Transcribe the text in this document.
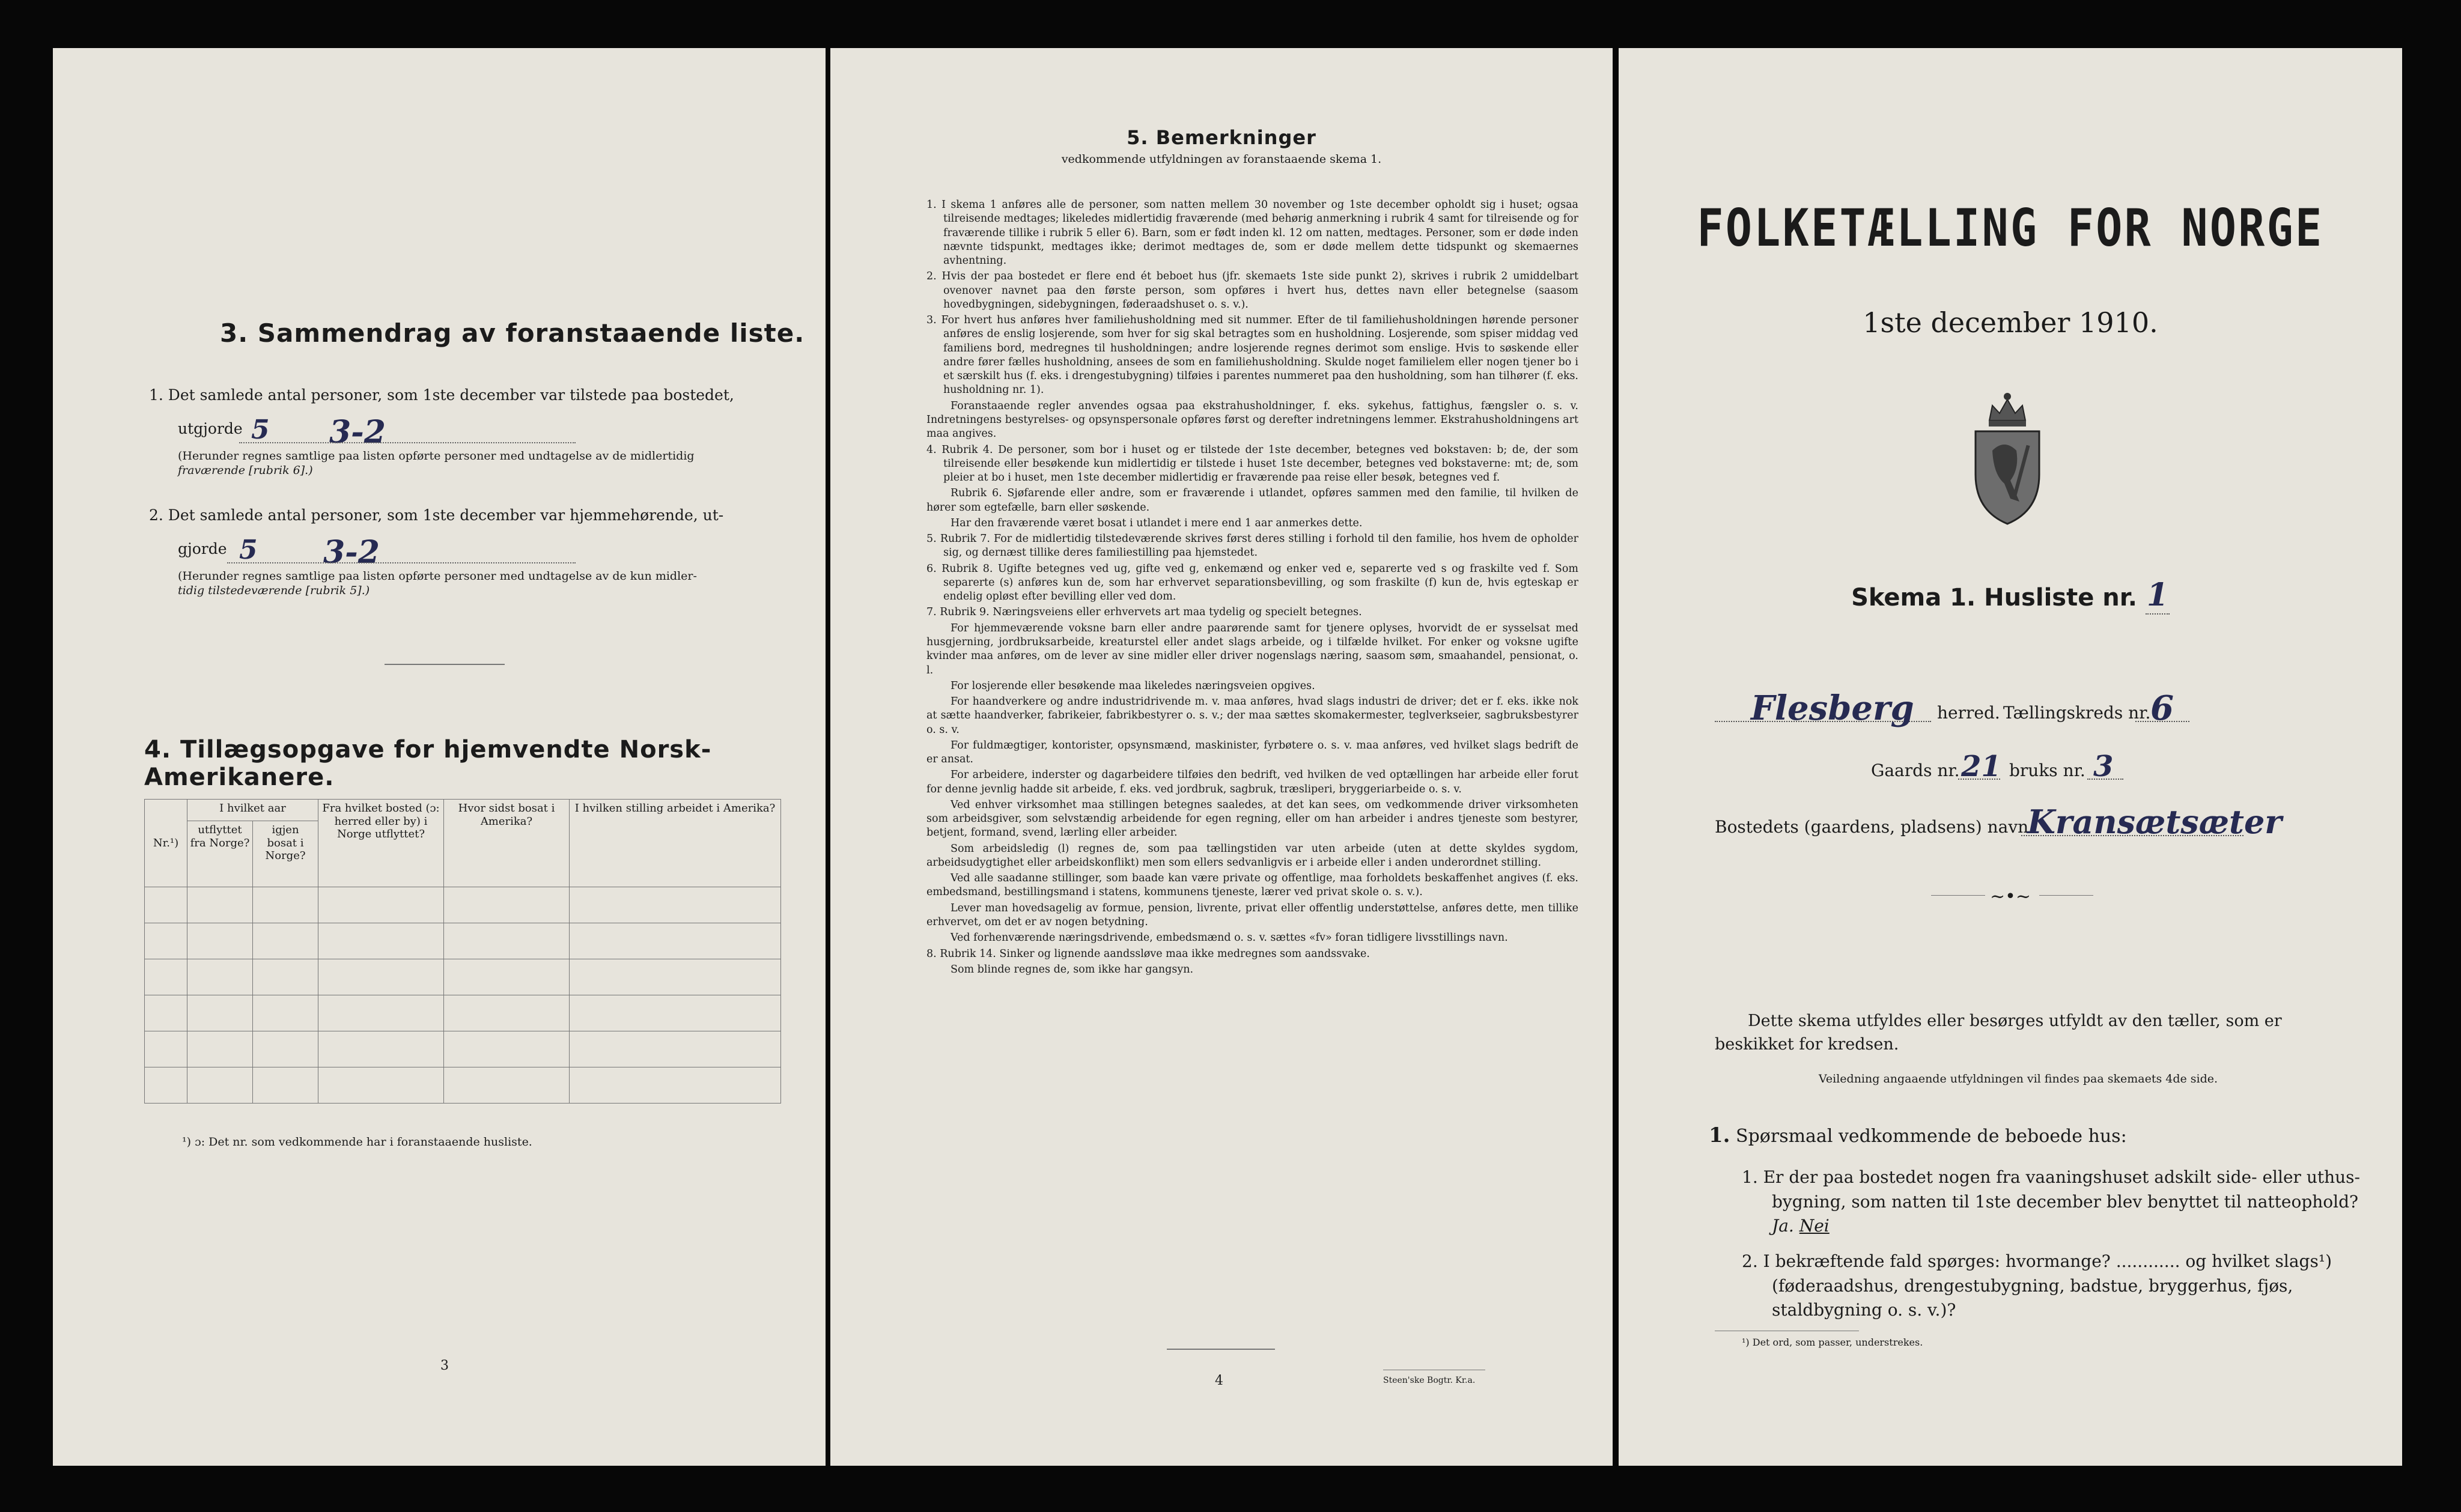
3. Sammendrag av foranstaaende liste.
1. Det samlede antal personer, som 1ste december var tilstede paa bostedet,
utgjorde 5 3-2
(Herunder regnes samtlige paa listen opførte personer med undtagelse av de midlertidig
fraværende [rubrik 6].)
2. Det samlede antal personer, som 1ste december var hjemmehørende, ut-
gjorde 5 3-2
(Herunder regnes samtlige paa listen opførte personer med undtagelse av de kun midler-
tidig tilstedeværende [rubrik 5].)
4. Tillægsopgave for hjemvendte Norsk-Amerikanere.
Nr.¹)	I hvilket aar		Fra hvilket bosted (ɔ: herred eller by) i Norge utflyttet?	Hvor sidst bosat i Amerika?	I hvilken stilling arbeidet i Amerika?
	utflyttet fra Norge?	igjen bosat i Norge?			

¹) ɔ: Det nr. som vedkommende har i foranstaaende husliste.
3
5. Bemerkninger
vedkommende utfyldningen av foranstaaende skema 1.

1. I skema 1 anføres alle de personer, som natten mellem 30 november og 1ste december opholdt sig i huset; ogsaa tilreisende medtages; likeledes midlertidig fraværende (med behørig anmerkning i rubrik 4 samt for tilreisende og for fraværende tillike i rubrik 5 eller 6). Barn, som er født inden kl. 12 om natten, medtages. Personer, som er døde inden nævnte tidspunkt, medtages ikke; derimot medtages de, som er døde mellem dette tidspunkt og skemaernes avhentning.

2. Hvis der paa bostedet er flere end ét beboet hus (jfr. skemaets 1ste side punkt 2), skrives i rubrik 2 umiddelbart ovenover navnet paa den første person, som opføres i hvert hus, dettes navn eller betegnelse (saasom hovedbygningen, sidebygningen, føderaadshuset o. s. v.).

3. For hvert hus anføres hver familiehusholdning med sit nummer. Efter de til familiehusholdningen hørende personer anføres de enslig losjerende, som hver for sig skal betragtes som en husholdning. Losjerende, som spiser middag ved familiens bord, medregnes til husholdningen; andre losjerende regnes derimot som enslige. Hvis to søskende eller andre fører fælles husholdning, ansees de som en familiehusholdning. Skulde noget familielem eller nogen tjener bo i et særskilt hus (f. eks. i drengestubygning) tilføies i parentes nummeret paa den husholdning, som han tilhører (f. eks. husholdning nr. 1).

Foranstaaende regler anvendes ogsaa paa ekstrahusholdninger, f. eks. sykehus, fattighus, fængsler o. s. v. Indretningens bestyrelses- og opsynspersonale opføres først og derefter indretningens lemmer. Ekstrahusholdningens art maa angives.

4. Rubrik 4. De personer, som bor i huset og er tilstede der 1ste december, betegnes ved bokstaven: b; de, der som tilreisende eller besøkende kun midlertidig er tilstede i huset 1ste december, betegnes ved bokstaverne: mt; de, som pleier at bo i huset, men 1ste december midlertidig er fraværende paa reise eller besøk, betegnes ved f.

Rubrik 6. Sjøfarende eller andre, som er fraværende i utlandet, opføres sammen med den familie, til hvilken de hører som egtefælle, barn eller søskende.

Har den fraværende været bosat i utlandet i mere end 1 aar anmerkes dette.

5. Rubrik 7. For de midlertidig tilstedeværende skrives først deres stilling i forhold til den familie, hos hvem de opholder sig, og dernæst tillike deres familiestilling paa hjemstedet.

6. Rubrik 8. Ugifte betegnes ved ug, gifte ved g, enkemænd og enker ved e, separerte ved s og fraskilte ved f. Som separerte (s) anføres kun de, som har erhvervet separationsbevilling, og som fraskilte (f) kun de, hvis egteskap er endelig opløst efter bevilling eller ved dom.

7. Rubrik 9. Næringsveiens eller erhvervets art maa tydelig og specielt betegnes.

For hjemmeværende voksne barn eller andre paarørende samt for tjenere oplyses, hvorvidt de er sysselsat med husgjerning, jordbruksarbeide, kreaturstel eller andet slags arbeide, og i tilfælde hvilket. For enker og voksne ugifte kvinder maa anføres, om de lever av sine midler eller driver nogenslags næring, saasom søm, smaahandel, pensionat, o. l.

For losjerende eller besøkende maa likeledes næringsveien opgives.

For haandverkere og andre industridrivende m. v. maa anføres, hvad slags industri de driver; det er f. eks. ikke nok at sætte haandverker, fabrikeier, fabrikbestyrer o. s. v.; der maa sættes skomakermester, teglverkseier, sagbruksbestyrer o. s. v.

For fuldmægtiger, kontorister, opsynsmænd, maskinister, fyrbøtere o. s. v. maa anføres, ved hvilket slags bedrift de er ansat.

For arbeidere, inderster og dagarbeidere tilføies den bedrift, ved hvilken de ved optællingen har arbeide eller forut for denne jevnlig hadde sit arbeide, f. eks. ved jordbruk, sagbruk, træsliperi, bryggeriarbeide o. s. v.

Ved enhver virksomhet maa stillingen betegnes saaledes, at det kan sees, om vedkommende driver virksomheten som arbeidsgiver, som selvstændig arbeidende for egen regning, eller om han arbeider i andres tjeneste som bestyrer, betjent, formand, svend, lærling eller arbeider.

Som arbeidsledig (l) regnes de, som paa tællingstiden var uten arbeide (uten at dette skyldes sygdom, arbeidsudygtighet eller arbeidskonflikt) men som ellers sedvanligvis er i arbeide eller i anden underordnet stilling.

Ved alle saadanne stillinger, som baade kan være private og offentlige, maa forholdets beskaffenhet angives (f. eks. embedsmand, bestillingsmand i statens, kommunens tjeneste, lærer ved privat skole o. s. v.).

Lever man hovedsagelig av formue, pension, livrente, privat eller offentlig understøttelse, anføres dette, men tillike erhvervet, om det er av nogen betydning.

Ved forhenværende næringsdrivende, embedsmænd o. s. v. sættes «fv» foran tidligere livsstillings navn.

8. Rubrik 14. Sinker og lignende aandssløve maa ikke medregnes som aandssvake.

Som blinde regnes de, som ikke har gangsyn.

4	Steen'ske Bogtr. Kr.a.
FOLKETÆLLING FOR NORGE
1ste december 1910.
Skema 1. Husliste nr. 1
Flesberg herred. Tællingskreds nr. 6
Gaards nr. 21 bruks nr. 3
Bostedets (gaardens, pladsens) navn
Kransætsæter
~•~
Dette skema utfyldes eller besørges utfyldt av den tæller, som er beskikket for kredsen.
Veiledning angaaende utfyldningen vil findes paa skemaets 4de side.
1. Spørsmaal vedkommende de beboede hus:
1. Er der paa bostedet nogen fra vaaningshuset adskilt side- eller uthus-bygning, som natten til 1ste december blev benyttet til natteophold? Ja. Nei
2. I bekræftende fald spørges: hvormange? ............ og hvilket slags¹) (føderaadshus, drengestubygning, badstue, bryggerhus, fjøs, staldbygning o. s. v.)?
¹) Det ord, som passer, understrekes.
